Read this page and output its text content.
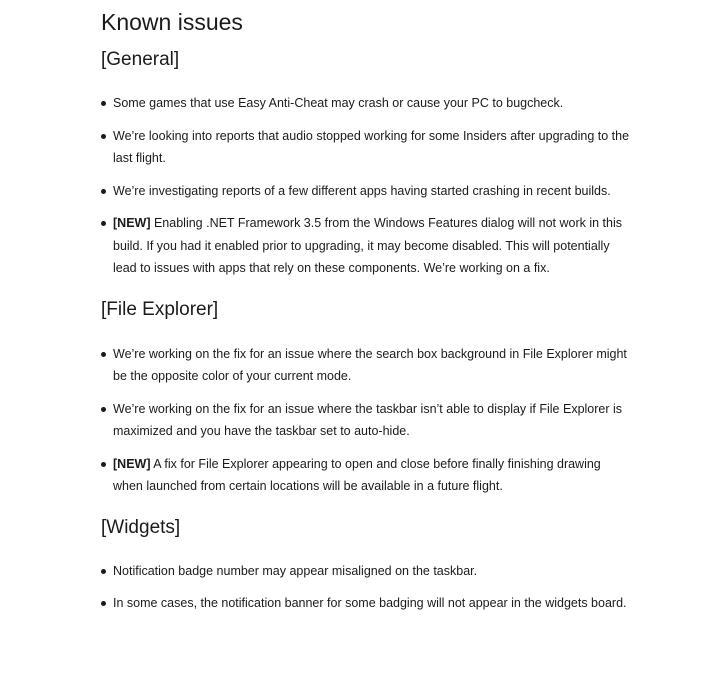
Known issues
[General]
Some games that use Easy Anti-Cheat may crash or cause your PC to bugcheck.
We’re looking into reports that audio stopped working for some Insiders after upgrading to the last flight.
We’re investigating reports of a few different apps having started crashing in recent builds.
[NEW] Enabling .NET Framework 3.5 from the Windows Features dialog will not work in this build. If you had it enabled prior to upgrading, it may become disabled. This will potentially lead to issues with apps that rely on these components. We’re working on a fix.
[File Explorer]
We’re working on the fix for an issue where the search box background in File Explorer might be the opposite color of your current mode.
We’re working on the fix for an issue where the taskbar isn’t able to display if File Explorer is maximized and you have the taskbar set to auto-hide.
[NEW] A fix for File Explorer appearing to open and close before finally finishing drawing when launched from certain locations will be available in a future flight.
[Widgets]
Notification badge number may appear misaligned on the taskbar.
In some cases, the notification banner for some badging will not appear in the widgets board.
